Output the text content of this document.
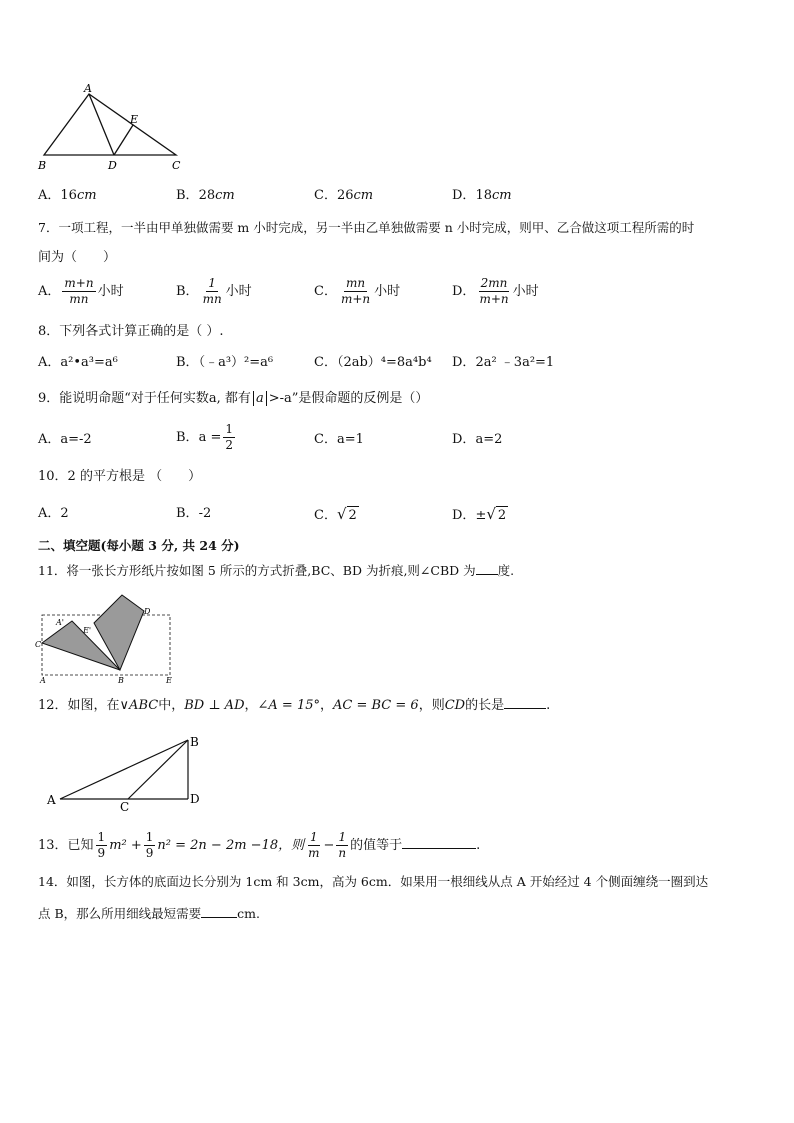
A
E
B	D	C
A．16cm	B．28cm	C．26cm	D．18cm
7．一项工程，一半由甲单独做需要 m 小时完成，另一半由乙单独做需要 n 小时完成，则甲、乙合做这项工程所需的时
间为（　　）
A． $\frac{m+n}{mn}$ 小时	B． $\frac{1}{mn}$ 小时	C． $\frac{mn}{m+n}$ 小时	D． $\frac{2mn}{m+n}$ 小时
8．下列各式计算正确的是（ ）.
A．a²•a³=a⁶	B．（﹣a³）²=a⁶	C．（2ab）⁴=8a⁴b⁴ D．2a² ﹣3a²=1
9．能说明命题“对于任何实数a, 都有 a >-a”是假命题的反例是（）
A．a=-2	B．$a = \frac{1}{2}$	C．a=1	D．a=2
10．2 的平方根是 （　　）
A．2	B．-2	C．√ 2	D．±√ 2
二、填空题(每小题 3 分, 共 24 分)
11．将一张长方形纸片按如图 5 所示的方式折叠,BC、BD 为折痕,则∠CBD 为 度.
A'
E'
C
D
A	B	E
12．如图，在∨ABC中，BD ⊥ AD，∠A = 15°，AC = BC = 6，则CD的长是	.
A
B
C
D
13．已知 $\frac{1}{9} m^2 + \frac{1}{9} n^2 = 2n - 2m -18$，则 $\frac{1}{m} - \frac{1}{n}$ 的值等于	.
14．如图，长方体的底面边长分别为 1cm 和 3cm，高为 6cm．如果用一根细线从点 A 开始经过 4 个侧面缠绕一圈到达
点 B，那么所用细线最短需要	cm.
